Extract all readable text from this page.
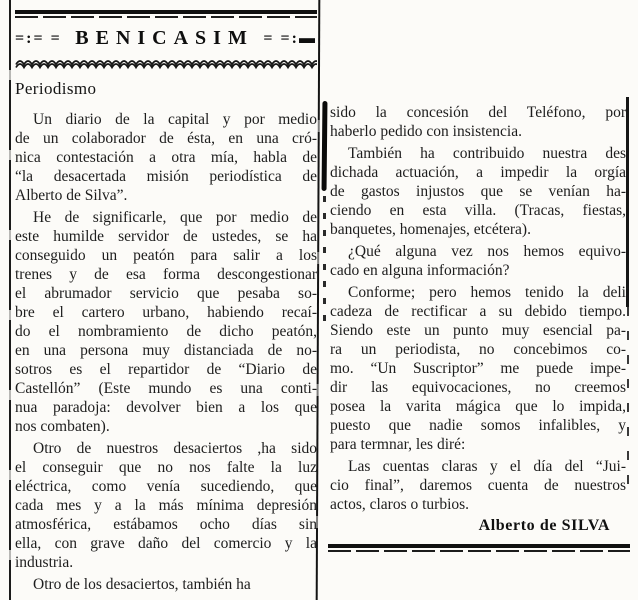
=:= = BENICASIM = =:▬
Periodismo
Un diario de la capital y por medio
de un colaborador de ésta, en una cró-
nica contestación a otra mía, habla de
“la desacertada misión periodística de
Alberto de Silva”.
He de significarle, que por medio de
este humilde servidor de ustedes, se ha
conseguido un peatón para salir a los
trenes y de esa forma descongestionar
el abrumador servicio que pesaba so-
bre el cartero urbano, habiendo recaí-
do el nombramiento de dicho peatón,
en una persona muy distanciada de no-
sotros es el repartidor de “Diario de
Castellón” (Este mundo es una conti-
nua paradoja: devolver bien a los que
nos combaten).
Otro de nuestros desaciertos ,ha sido
el conseguir que no nos falte la luz
eléctrica, como venía sucediendo, que
cada mes y a la más mínima depresión
atmosférica, estábamos ocho días sin
ella, con grave daño del comercio y la
industria.
Otro de los desaciertos, también ha
sido la concesión del Teléfono, por
haberlo pedido con insistencia.
También ha contribuido nuestra des
dichada actuación, a impedir la orgía
de gastos injustos que se venían ha-
ciendo en esta villa. (Tracas, fiestas,
banquetes, homenajes, etcétera).
¿Qué alguna vez nos hemos equivo-
cado en alguna información?
Conforme; pero hemos tenido la deli
cadeza de rectificar a su debido tiempo.
Siendo este un punto muy esencial pa-
ra un periodista, no concebimos co-
mo. “Un Suscriptor” me puede impe-
dir las equivocaciones, no creemos
posea la varita mágica que lo impida,
puesto que nadie somos infalibles, y
para termnar, les diré:
Las cuentas claras y el día del “Jui-
cio final”, daremos cuenta de nuestros
actos, claros o turbios.
Alberto de SILVA
